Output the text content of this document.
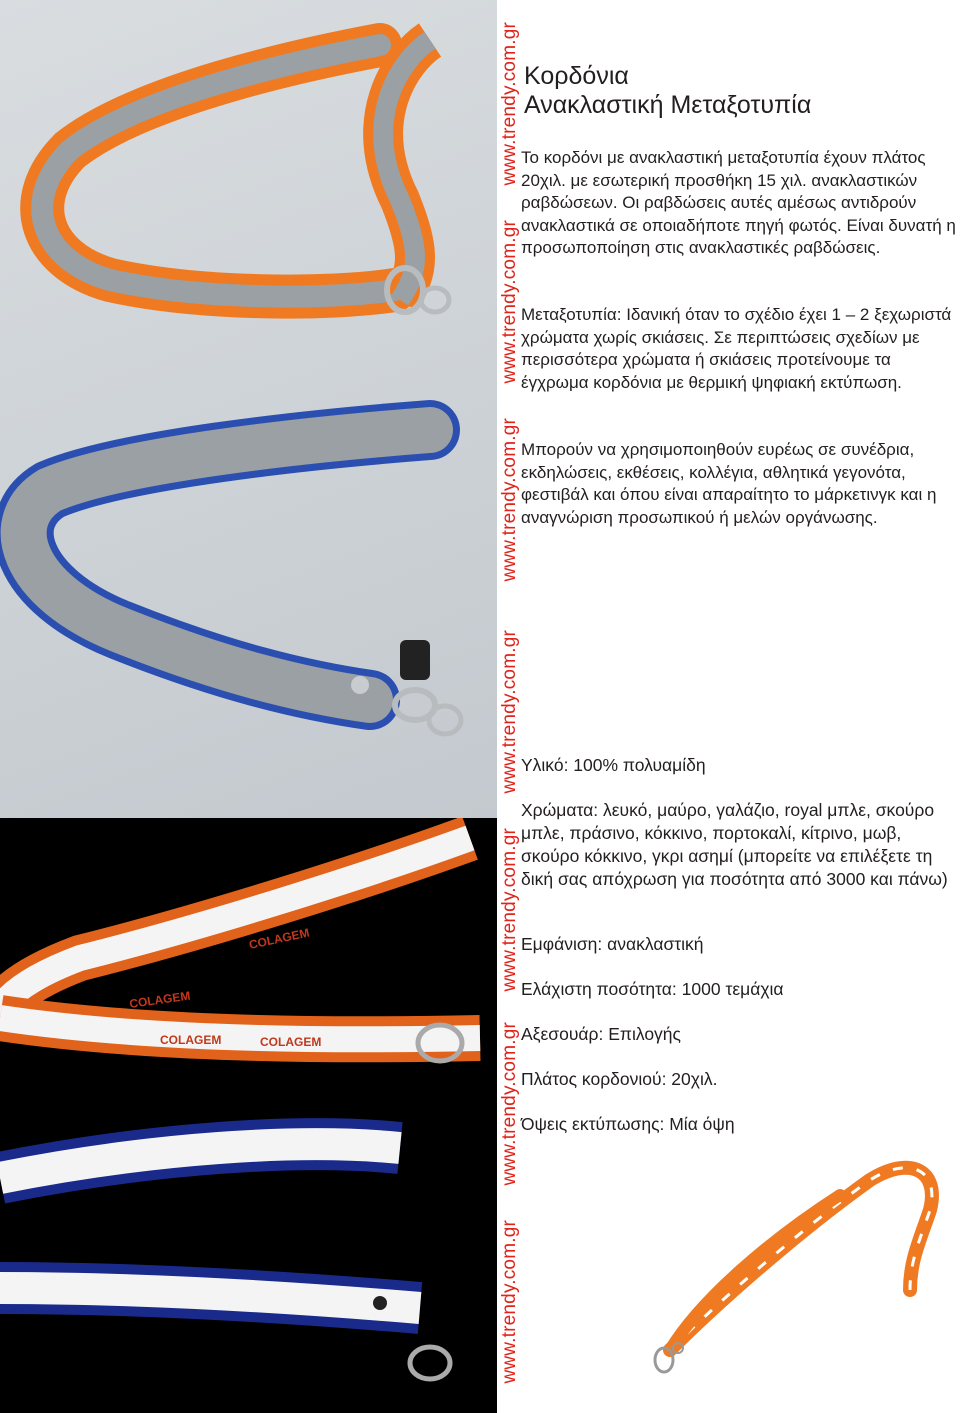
COLAGEM
COLAGEM
COLAGEM	COLAGEM
www.trendy.com.gr
www.trendy.com.gr
www.trendy.com.gr
www.trendy.com.gr
www.trendy.com.gr
www.trendy.com.gr
www.trendy.com.gr
Κορδόνια
Ανακλαστική Μεταξοτυπία

Το κορδόνι με ανακλαστική μεταξοτυπία έχουν πλάτος 20χιλ. με εσωτερική προσθήκη 15 χιλ. ανακλαστικών ραβδώσεων. Οι ραβδώσεις αυτές αμέσως αντιδρούν ανακλαστικά σε οποιαδήποτε πηγή φωτός. Είναι δυνατή η προσωποποίηση στις ανακλαστικές ραβδώσεις.

Μεταξοτυπία: Ιδανική όταν το σχέδιο έχει 1 – 2 ξεχωριστά χρώματα χωρίς σκιάσεις. Σε περιπτώσεις σχεδίων με περισσότερα χρώματα ή σκιάσεις προτείνουμε τα έγχρωμα κορδόνια με θερμική ψηφιακή εκτύπωση.

Μπορούν να χρησιμοποιηθούν ευρέως σε συνέδρια, εκδηλώσεις, εκθέσεις, κολλέγια, αθλητικά γεγονότα, φεστιβάλ και όπου είναι απαραίτητο το μάρκετινγκ και η αναγνώριση προσωπικού ή μελών οργάνωσης.

Υλικό: 100% πολυαμίδη

Χρώματα: λευκό, μαύρο, γαλάζιο, royal μπλε, σκούρο μπλε, πράσινο, κόκκινο, πορτοκαλί, κίτρινο, μωβ, σκούρο κόκκινο, γκρι ασημί (μπορείτε να επιλέξετε τη δική σας απόχρωση για ποσότητα από 3000 και πάνω)

Εμφάνιση: ανακλαστική

Ελάχιστη ποσότητα: 1000 τεμάχια

Αξεσουάρ: Επιλογής

Πλάτος κορδονιού: 20χιλ.

Όψεις εκτύπωσης: Μία όψη
